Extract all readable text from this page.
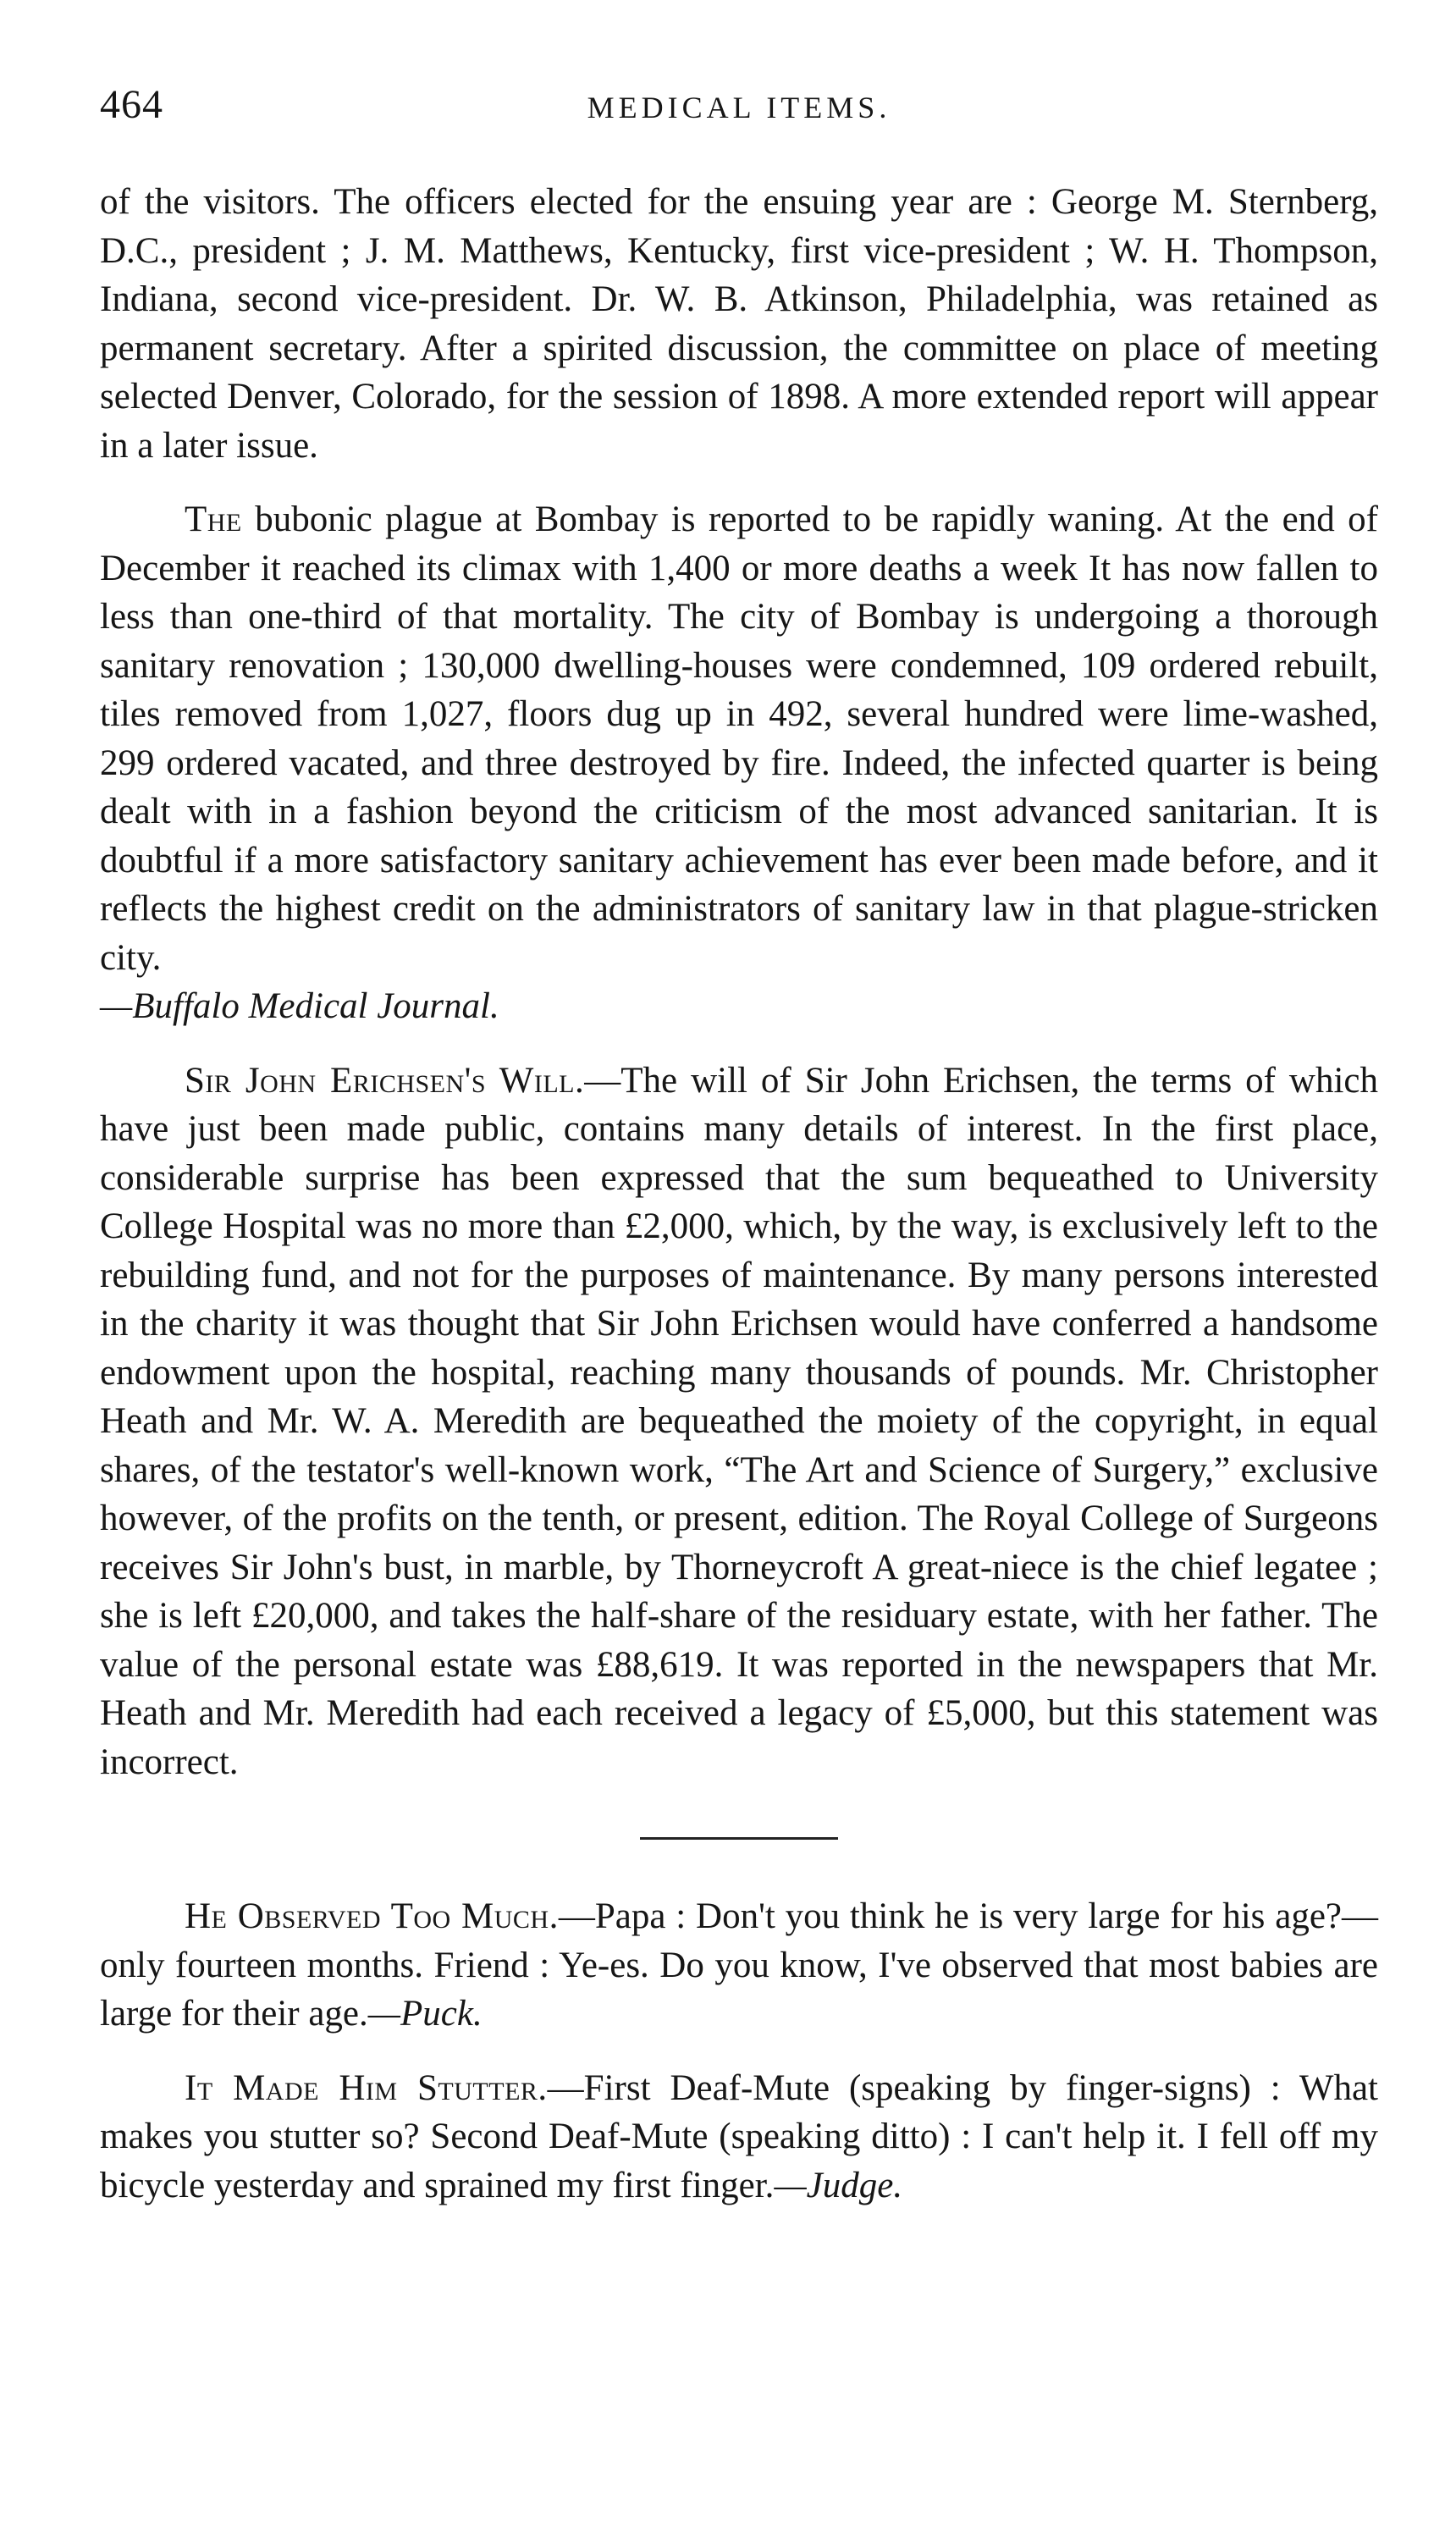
464	MEDICAL ITEMS.

of the visitors. The officers elected for the ensuing year are : George M. Sternberg, D.C., president ; J. M. Matthews, Kentucky, first vice-president ; W. H. Thompson, Indiana, second vice-president. Dr. W. B. Atkinson, Philadelphia, was retained as permanent secretary. After a spirited discussion, the committee on place of meeting selected Denver, Colorado, for the session of 1898. A more extended report will appear in a later issue.

The bubonic plague at Bombay is reported to be rapidly waning. At the end of December it reached its climax with 1,400 or more deaths a week It has now fallen to less than one-third of that mortality. The city of Bombay is undergoing a thorough sanitary renovation ; 130,000 dwelling-houses were condemned, 109 ordered rebuilt, tiles removed from 1,027, floors dug up in 492, several hundred were lime-washed, 299 ordered vacated, and three destroyed by fire. Indeed, the infected quarter is being dealt with in a fashion beyond the criticism of the most advanced sanitarian. It is doubtful if a more satisfactory sanitary achievement has ever been made before, and it reflects the highest credit on the administrators of sanitary law in that plague-stricken city.

—Buffalo Medical Journal.

Sir John Erichsen's Will.—The will of Sir John Erichsen, the terms of which have just been made public, contains many details of interest. In the first place, considerable surprise has been expressed that the sum bequeathed to University College Hospital was no more than £2,000, which, by the way, is exclusively left to the rebuilding fund, and not for the purposes of maintenance. By many persons interested in the charity it was thought that Sir John Erichsen would have conferred a handsome endowment upon the hospital, reaching many thousands of pounds. Mr. Christopher Heath and Mr. W. A. Meredith are bequeathed the moiety of the copyright, in equal shares, of the testator's well-known work, “The Art and Science of Surgery,” exclusive however, of the profits on the tenth, or present, edition. The Royal College of Surgeons receives Sir John's bust, in marble, by Thorneycroft A great-niece is the chief legatee ; she is left £20,000, and takes the half-share of the residuary estate, with her father. The value of the personal estate was £88,619. It was reported in the newspapers that Mr. Heath and Mr. Meredith had each received a legacy of £5,000, but this statement was incorrect.

He Observed Too Much.—Papa : Don't you think he is very large for his age?—only fourteen months. Friend : Ye-es. Do you know, I've observed that most babies are large for their age.—Puck.

It Made Him Stutter.—First Deaf-Mute (speaking by finger-signs) : What makes you stutter so? Second Deaf-Mute (speaking ditto) : I can't help it. I fell off my bicycle yesterday and sprained my first finger.—Judge.
